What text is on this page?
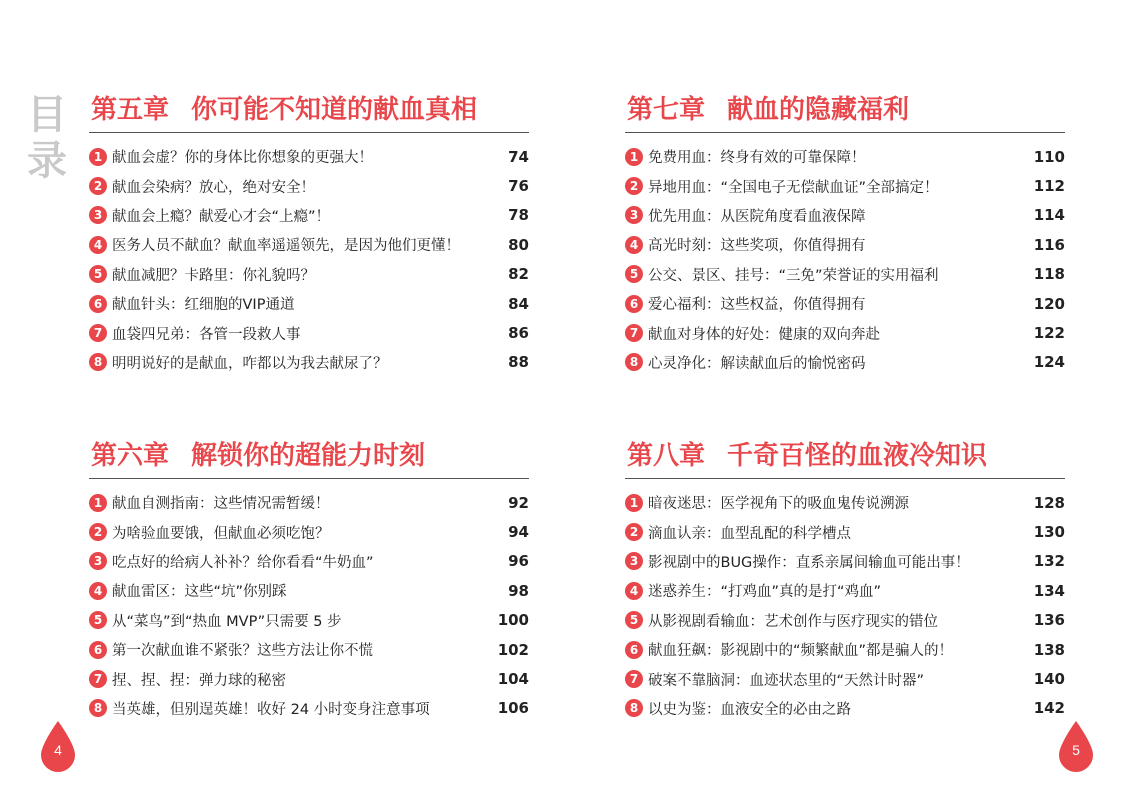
目
录
第五章 你可能不知道的献血真相
1 献血会虚？你的身体比你想象的更强大！	74
2 献血会染病？放心，绝对安全！	76
3 献血会上瘾？献爱心才会“上瘾”！	78
4 医务人员不献血？献血率遥遥领先，是因为他们更懂！	80
5 献血减肥？卡路里：你礼貌吗？	82
6 献血针头：红细胞的VIP通道	84
7 血袋四兄弟：各管一段救人事	86
8 明明说好的是献血，咋都以为我去献尿了？	88
第七章 献血的隐藏福利
1 免费用血：终身有效的可靠保障！	110
2 异地用血：“全国电子无偿献血证”全部搞定！	112
3 优先用血：从医院角度看血液保障	114
4 高光时刻：这些奖项，你值得拥有	116
5 公交、景区、挂号：“三免”荣誉证的实用福利	118
6 爱心福利：这些权益，你值得拥有	120
7 献血对身体的好处：健康的双向奔赴	122
8 心灵净化：解读献血后的愉悦密码	124
第六章 解锁你的超能力时刻
1 献血自测指南：这些情况需暂缓！	92
2 为啥验血要饿，但献血必须吃饱？	94
3 吃点好的给病人补补？给你看看“牛奶血”	96
4 献血雷区：这些“坑”你别踩	98
5 从“菜鸟”到“热血 MVP”只需要 5 步	100
6 第一次献血谁不紧张？这些方法让你不慌	102
7 捏、捏、捏：弹力球的秘密	104
8 当英雄，但别逞英雄！收好 24 小时变身注意事项	106
第八章 千奇百怪的血液冷知识
1 暗夜迷思：医学视角下的吸血鬼传说溯源	128
2 滴血认亲：血型乱配的科学槽点	130
3 影视剧中的BUG操作：直系亲属间输血可能出事！	132
4 迷惑养生：“打鸡血”真的是打“鸡血”	134
5 从影视剧看输血：艺术创作与医疗现实的错位	136
6 献血狂飙：影视剧中的“频繁献血”都是骗人的！	138
7 破案不靠脑洞：血迹状态里的“天然计时器”	140
8 以史为鉴：血液安全的必由之路	142
4	5
